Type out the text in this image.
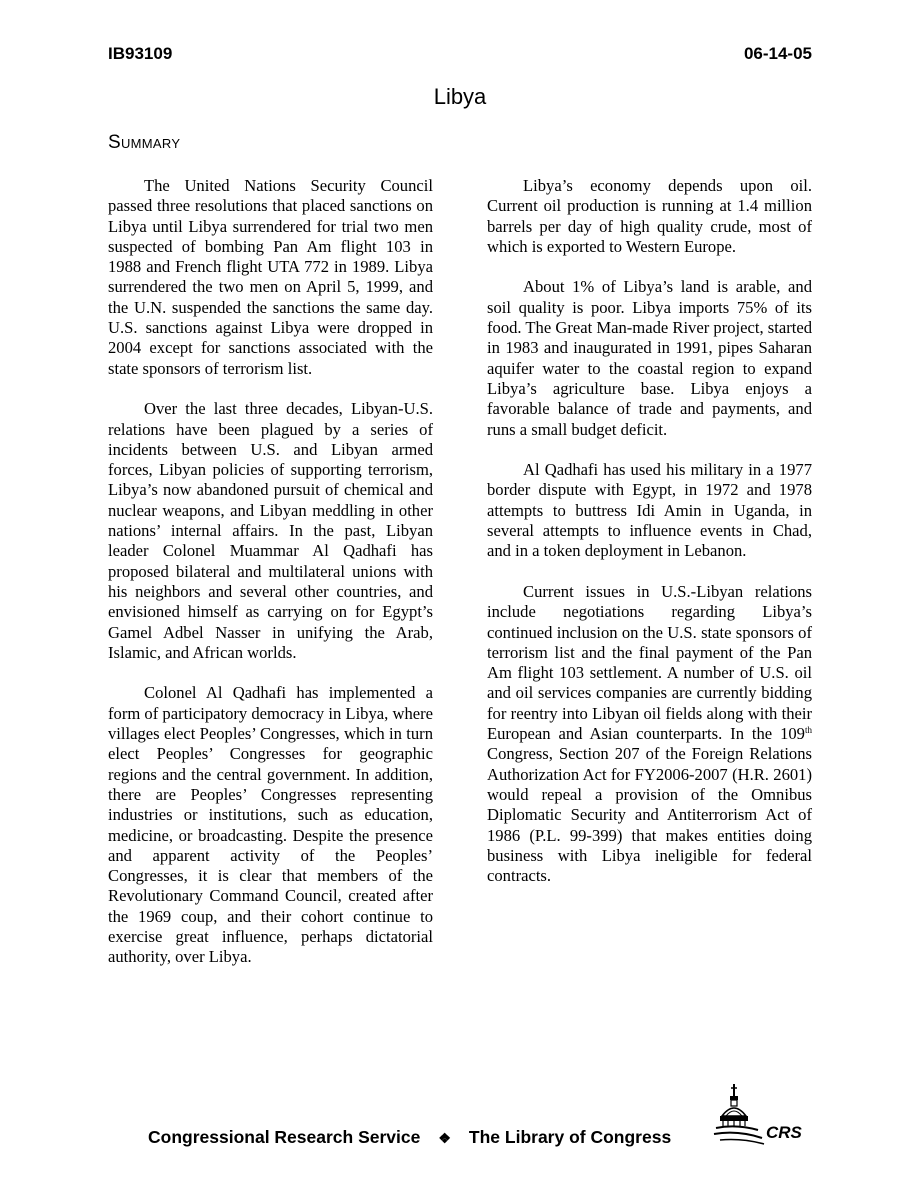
IB93109	06-14-05
Libya
Summary

The United Nations Security Council passed three resolutions that placed sanctions on Libya until Libya surrendered for trial two men suspected of bombing Pan Am flight 103 in 1988 and French flight UTA 772 in 1989. Libya surrendered the two men on April 5, 1999, and the U.N. suspended the sanctions the same day. U.S. sanctions against Libya were dropped in 2004 except for sanctions associated with the state sponsors of terrorism list.

Over the last three decades, Libyan-U.S. relations have been plagued by a series of incidents between U.S. and Libyan armed forces, Libyan policies of supporting terrorism, Libya’s now abandoned pursuit of chemical and nuclear weapons, and Libyan meddling in other nations’ internal affairs. In the past, Libyan leader Colonel Muammar Al Qadhafi has proposed bilateral and multilateral unions with his neighbors and several other countries, and envisioned himself as carrying on for Egypt’s Gamel Adbel Nasser in unifying the Arab, Islamic, and African worlds.

Colonel Al Qadhafi has implemented a form of participatory democracy in Libya, where villages elect Peoples’ Congresses, which in turn elect Peoples’ Congresses for geographic regions and the central government. In addition, there are Peoples’ Congresses representing industries or institutions, such as education, medicine, or broadcasting. Despite the presence and apparent activity of the Peoples’ Congresses, it is clear that members of the Revolutionary Command Council, created after the 1969 coup, and their cohort continue to exercise great influence, perhaps dictatorial authority, over Libya.

Libya’s economy depends upon oil. Current oil production is running at 1.4 million barrels per day of high quality crude, most of which is exported to Western Europe.

About 1% of Libya’s land is arable, and soil quality is poor. Libya imports 75% of its food. The Great Man-made River project, started in 1983 and inaugurated in 1991, pipes Saharan aquifer water to the coastal region to expand Libya’s agriculture base. Libya enjoys a favorable balance of trade and payments, and runs a small budget deficit.

Al Qadhafi has used his military in a 1977 border dispute with Egypt, in 1972 and 1978 attempts to buttress Idi Amin in Uganda, in several attempts to influence events in Chad, and in a token deployment in Lebanon.

Current issues in U.S.-Libyan relations include negotiations regarding Libya’s continued inclusion on the U.S. state sponsors of terrorism list and the final payment of the Pan Am flight 103 settlement. A number of U.S. oil and oil services companies are currently bidding for reentry into Libyan oil fields along with their European and Asian counterparts. In the 109th Congress, Section 207 of the Foreign Relations Authorization Act for FY2006-2007 (H.R. 2601) would repeal a provision of the Omnibus Diplomatic Security and Antiterrorism Act of 1986 (P.L. 99-399) that makes entities doing business with Libya ineligible for federal contracts.

Congressional Research Service ❖ The Library of Congress	CRS
